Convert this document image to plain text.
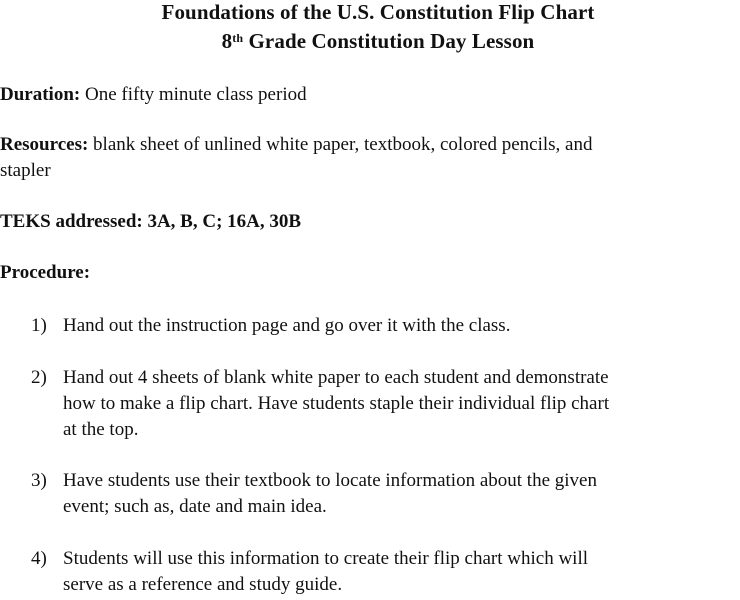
Foundations of the U.S. Constitution Flip Chart
8th Grade Constitution Day Lesson
Duration: One fifty minute class period
Resources: blank sheet of unlined white paper, textbook, colored pencils, and
stapler
TEKS addressed: 3A, B, C; 16A, 30B
Procedure:
1) Hand out the instruction page and go over it with the class.
2) Hand out 4 sheets of blank white paper to each student and demonstrate
how to make a flip chart. Have students staple their individual flip chart
at the top.
3) Have students use their textbook to locate information about the given
event; such as, date and main idea.
4) Students will use this information to create their flip chart which will
serve as a reference and study guide.
